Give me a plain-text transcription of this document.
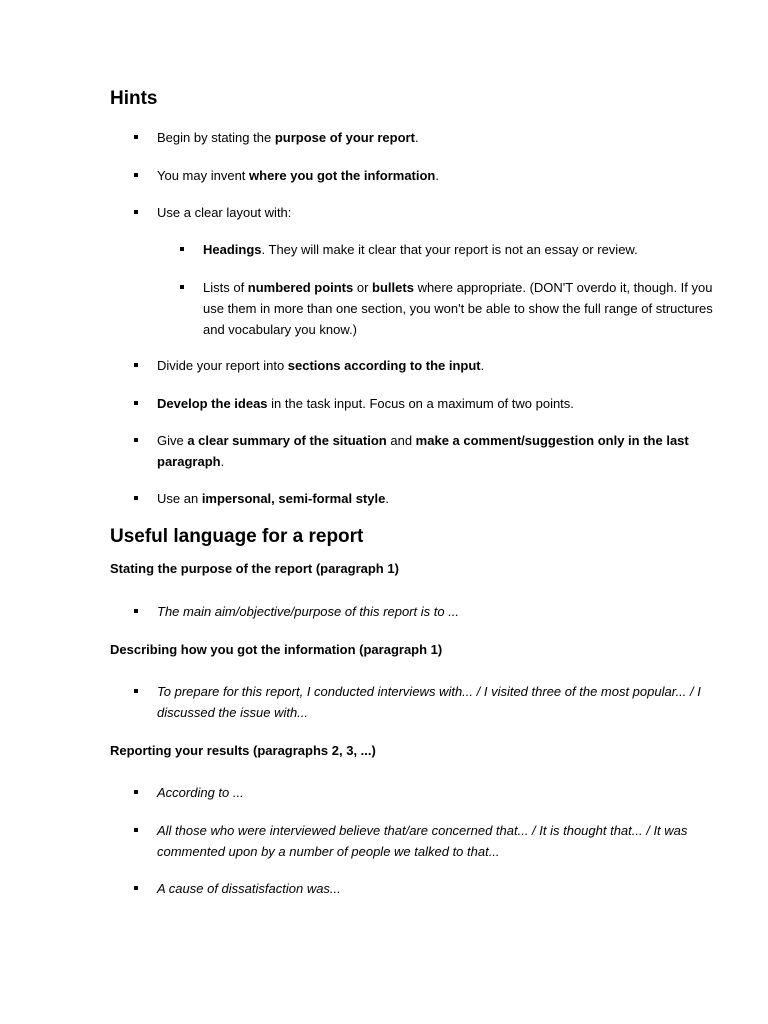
Hints
Begin by stating the purpose of your report.
You may invent where you got the information.
Use a clear layout with:
Headings. They will make it clear that your report is not an essay or review.
Lists of numbered points or bullets where appropriate. (DON'T overdo it, though. If you use them in more than one section, you won't be able to show the full range of structures and vocabulary you know.)
Divide your report into sections according to the input.
Develop the ideas in the task input. Focus on a maximum of two points.
Give a clear summary of the situation and make a comment/suggestion only in the last paragraph.
Use an impersonal, semi-formal style.
Useful language for a report
Stating the purpose of the report (paragraph 1)
The main aim/objective/purpose of this report is to ...
Describing how you got the information (paragraph 1)
To prepare for this report, I conducted interviews with... / I visited three of the most popular... / I discussed the issue with...
Reporting your results (paragraphs 2, 3, ...)
According to ...
All those who were interviewed believe that/are concerned that... / It is thought that... / It was commented upon by a number of people we talked to that...
A cause of dissatisfaction was...
